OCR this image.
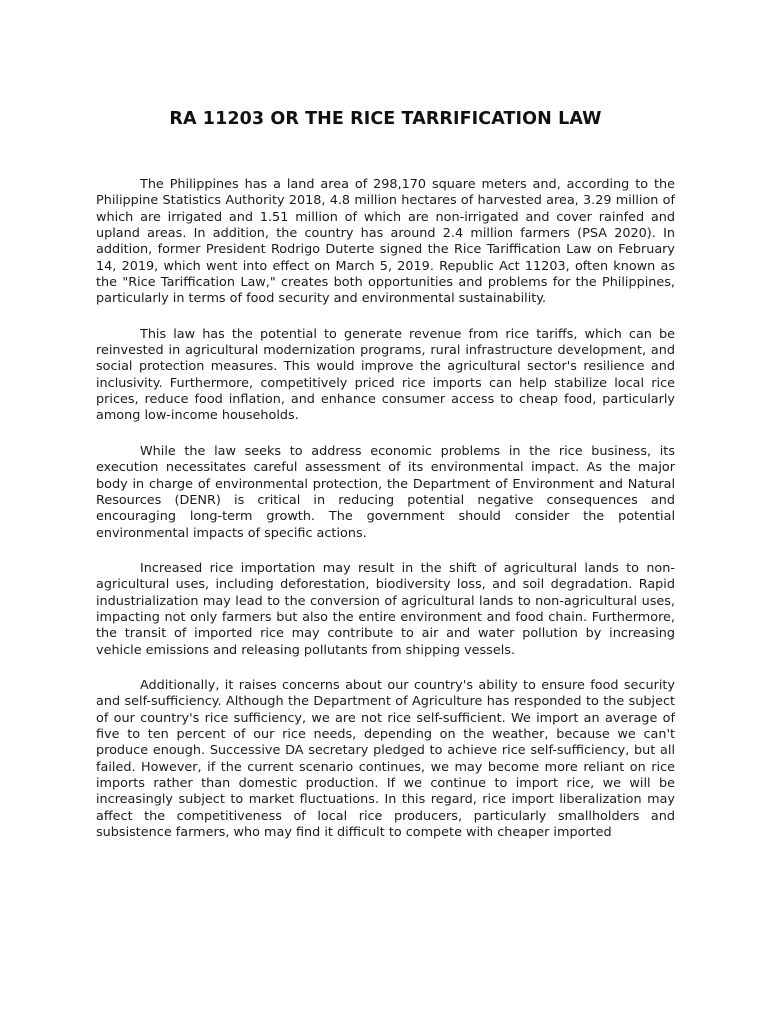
RA 11203 OR THE RICE TARRIFICATION LAW

The Philippines has a land area of 298,170 square meters and, according to the Philippine Statistics Authority 2018, 4.8 million hectares of harvested area, 3.29 million of which are irrigated and 1.51 million of which are non-irrigated and cover rainfed and upland areas. In addition, the country has around 2.4 million farmers (PSA 2020). In addition, former President Rodrigo Duterte signed the Rice Tariffication Law on February 14, 2019, which went into effect on March 5, 2019. Republic Act 11203, often known as the "Rice Tariffication Law," creates both opportunities and problems for the Philippines, particularly in terms of food security and environmental sustainability.

This law has the potential to generate revenue from rice tariffs, which can be reinvested in agricultural modernization programs, rural infrastructure development, and social protection measures. This would improve the agricultural sector's resilience and inclusivity. Furthermore, competitively priced rice imports can help stabilize local rice prices, reduce food inflation, and enhance consumer access to cheap food, particularly among low-income households.

While the law seeks to address economic problems in the rice business, its execution necessitates careful assessment of its environmental impact. As the major body in charge of environmental protection, the Department of Environment and Natural Resources (DENR) is critical in reducing potential negative consequences and encouraging long-term growth. The government should consider the potential environmental impacts of specific actions.

Increased rice importation may result in the shift of agricultural lands to non-agricultural uses, including deforestation, biodiversity loss, and soil degradation. Rapid industrialization may lead to the conversion of agricultural lands to non-agricultural uses, impacting not only farmers but also the entire environment and food chain. Furthermore, the transit of imported rice may contribute to air and water pollution by increasing vehicle emissions and releasing pollutants from shipping vessels.

Additionally, it raises concerns about our country's ability to ensure food security and self-sufficiency. Although the Department of Agriculture has responded to the subject of our country's rice sufficiency, we are not rice self-sufficient. We import an average of five to ten percent of our rice needs, depending on the weather, because we can't produce enough. Successive DA secretary pledged to achieve rice self-sufficiency, but all failed. However, if the current scenario continues, we may become more reliant on rice imports rather than domestic production. If we continue to import rice, we will be increasingly subject to market fluctuations. In this regard, rice import liberalization may affect the competitiveness of local rice producers, particularly smallholders and subsistence farmers, who may find it difficult to compete with cheaper imported
